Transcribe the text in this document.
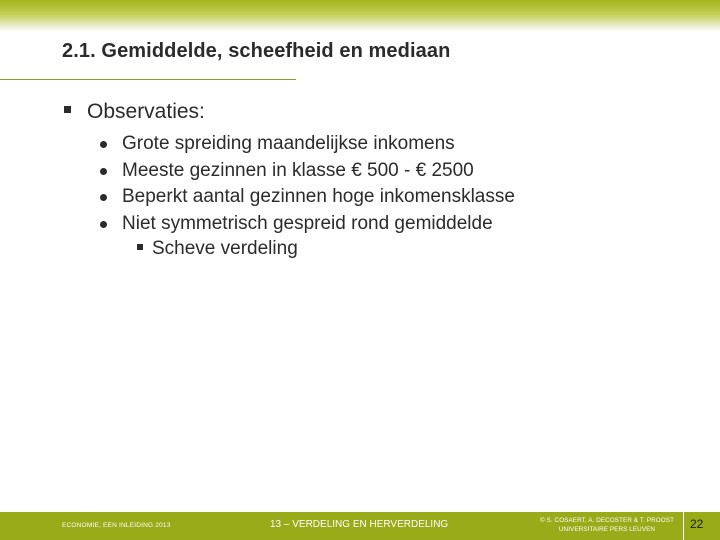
2.1. Gemiddelde, scheefheid en mediaan
Observaties:
Grote spreiding maandelijkse inkomens
Meeste gezinnen in klasse € 500 - € 2500
Beperkt aantal gezinnen hoge inkomensklasse
Niet symmetrisch gespreid rond gemiddelde
Scheve verdeling
ECONOMIE, EEN INLEIDING 2013	13 – VERDELING EN HERVERDELING	© S. COSAERT, A. DECOSTER & T. PROOST
UNIVERSITAIRE PERS LEUVEN	22
